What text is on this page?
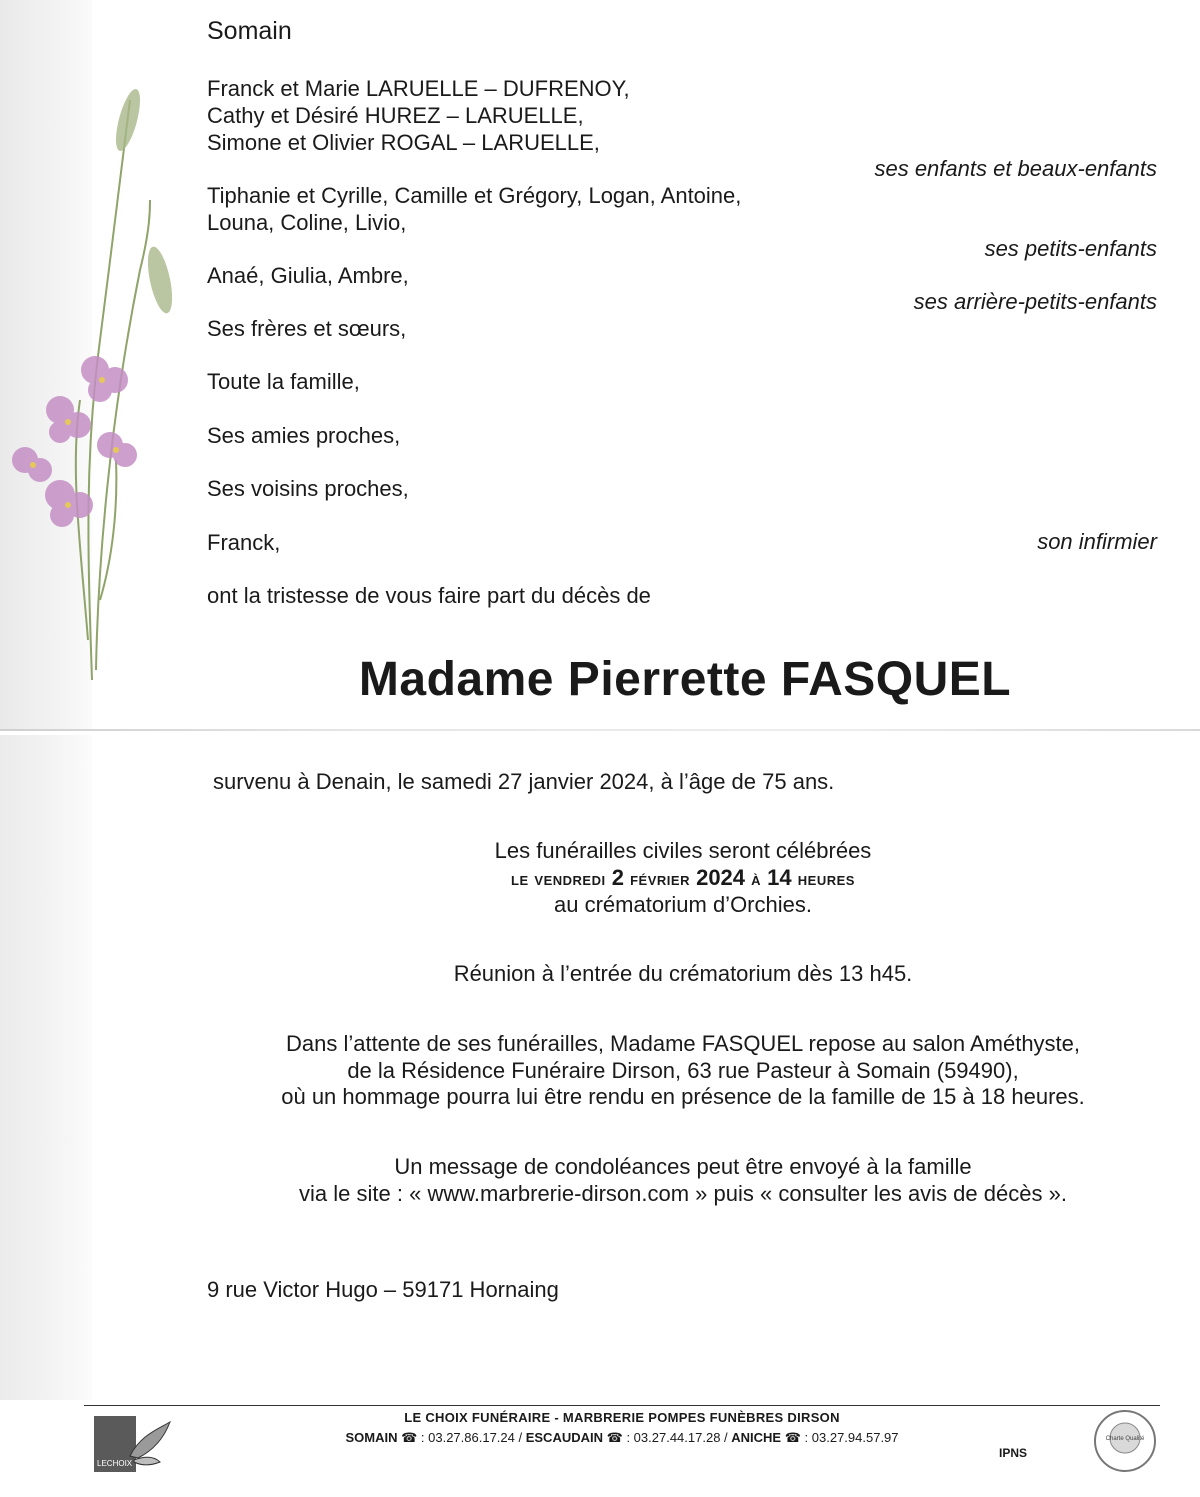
Somain
Franck et Marie LARUELLE – DUFRENOY,
Cathy et Désiré HUREZ – LARUELLE,
Simone et Olivier ROGAL – LARUELLE,
ses enfants et beaux-enfants
Tiphanie et Cyrille, Camille et Grégory, Logan, Antoine,
Louna, Coline, Livio,
ses petits-enfants
Anaé, Giulia, Ambre,
ses arrière-petits-enfants
Ses frères et sœurs,
Toute la famille,
Ses amies proches,
Ses voisins proches,
Franck,	son infirmier
ont la tristesse de vous faire part du décès de
Madame Pierrette FASQUEL
survenu à Denain, le samedi 27 janvier 2024, à l’âge de 75 ans.
Les funérailles civiles seront célébrées
le vendredi 2 février 2024 à 14 heures
au crématorium d’Orchies.
Réunion à l’entrée du crématorium dès 13 h45.
Dans l’attente de ses funérailles, Madame FASQUEL repose au salon Améthyste,
de la Résidence Funéraire Dirson, 63 rue Pasteur à Somain (59490),
où un hommage pourra lui être rendu en présence de la famille de 15 à 18 heures.
Un message de condoléances peut être envoyé à la famille
via le site : « www.marbrerie-dirson.com » puis « consulter les avis de décès ».
9 rue Victor Hugo – 59171 Hornaing
LECHOIX
LE CHOIX FUNÉRAIRE - MARBRERIE POMPES FUNÈBRES DIRSON
SOMAIN ☎ : 03.27.86.17.24 / ESCAUDAIN ☎ : 03.27.44.17.28 / ANICHE ☎ : 03.27.94.57.97
IPNS
Charte Qualité
